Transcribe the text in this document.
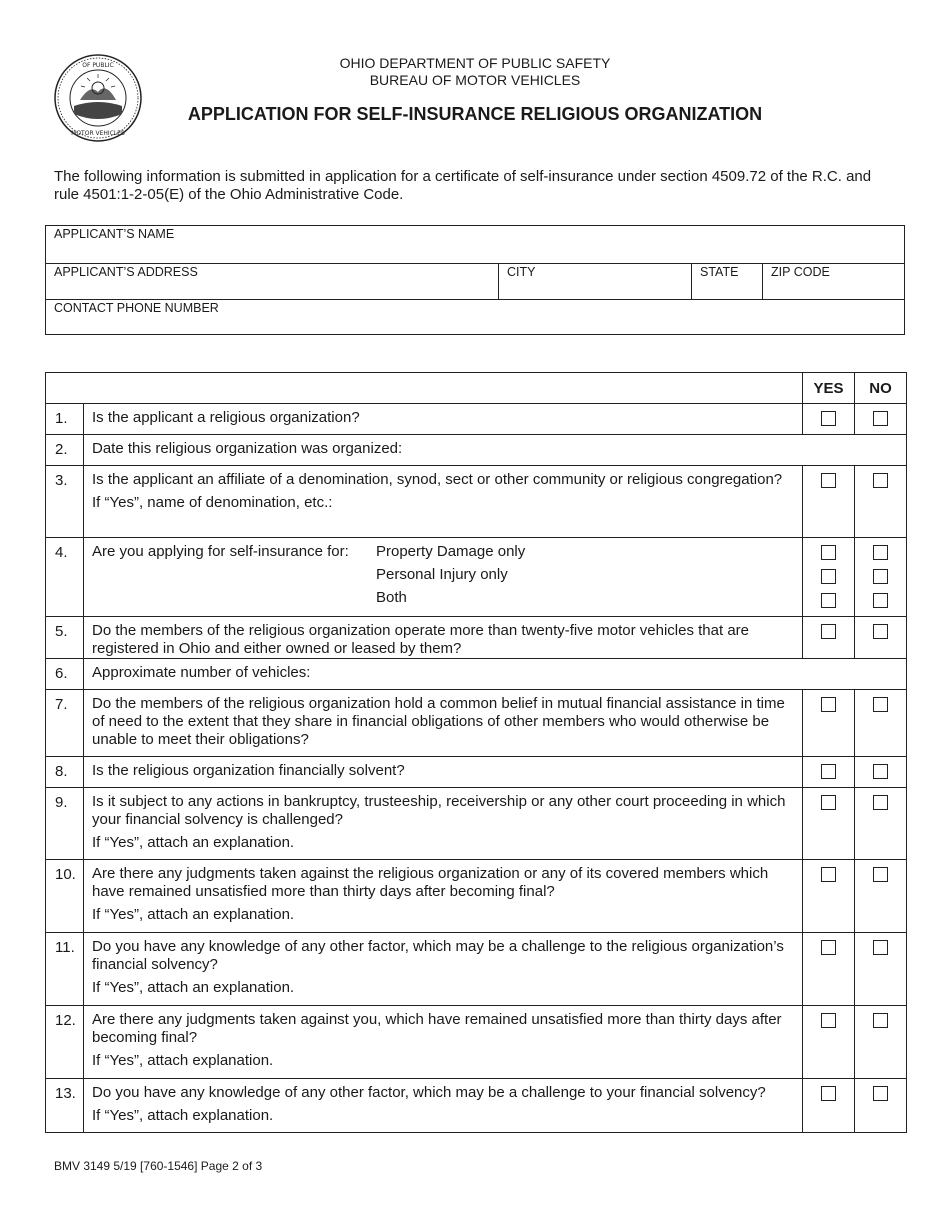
OF PUBLIC
MOTOR VEHICLES
OHIO DEPARTMENT OF PUBLIC SAFETY
BUREAU OF MOTOR VEHICLES
APPLICATION FOR SELF-INSURANCE RELIGIOUS ORGANIZATION
The following information is submitted in application for a certificate of self-insurance under section 4509.72 of the R.C. and rule 4501:1-2-05(E) of the Ohio Administrative Code.
APPLICANT’S NAME
APPLICANT’S ADDRESS	CITY	STATE	ZIP CODE
CONTACT PHONE NUMBER
		YES	NO
1.	Is the applicant a religious organization?		

2.	Date this religious organization was organized:		

3.	Is the applicant an affiliate of a denomination, synod, sect or other community or religious congregation?
If “Yes”, name of denomination, etc.:		

4.	Are you applying for self-insurance for: Property Damage only
Personal Injury only
Both		

5.	Do the members of the religious organization operate more than twenty-five motor vehicles that are registered in Ohio and either owned or leased by them?		

6.	Approximate number of vehicles:		

7.	Do the members of the religious organization hold a common belief in mutual financial assistance in time of need to the extent that they share in financial obligations of other members who would otherwise be unable to meet their obligations?		

8.	Is the religious organization financially solvent?		

9.	Is it subject to any actions in bankruptcy, trusteeship, receivership or any other court proceeding in which your financial solvency is challenged?
If “Yes”, attach an explanation.		

10.	Are there any judgments taken against the religious organization or any of its covered members which have remained unsatisfied more than thirty days after becoming final?
If “Yes”, attach an explanation.		

11.	Do you have any knowledge of any other factor, which may be a challenge to the religious organization’s financial solvency?
If “Yes”, attach an explanation.		

12.	Are there any judgments taken against you, which have remained unsatisfied more than thirty days after becoming final?
If “Yes”, attach explanation.		

13.	Do you have any knowledge of any other factor, which may be a challenge to your financial solvency?
If “Yes”, attach explanation.		

BMV 3149 5/19 [760-1546] Page 2 of 3
